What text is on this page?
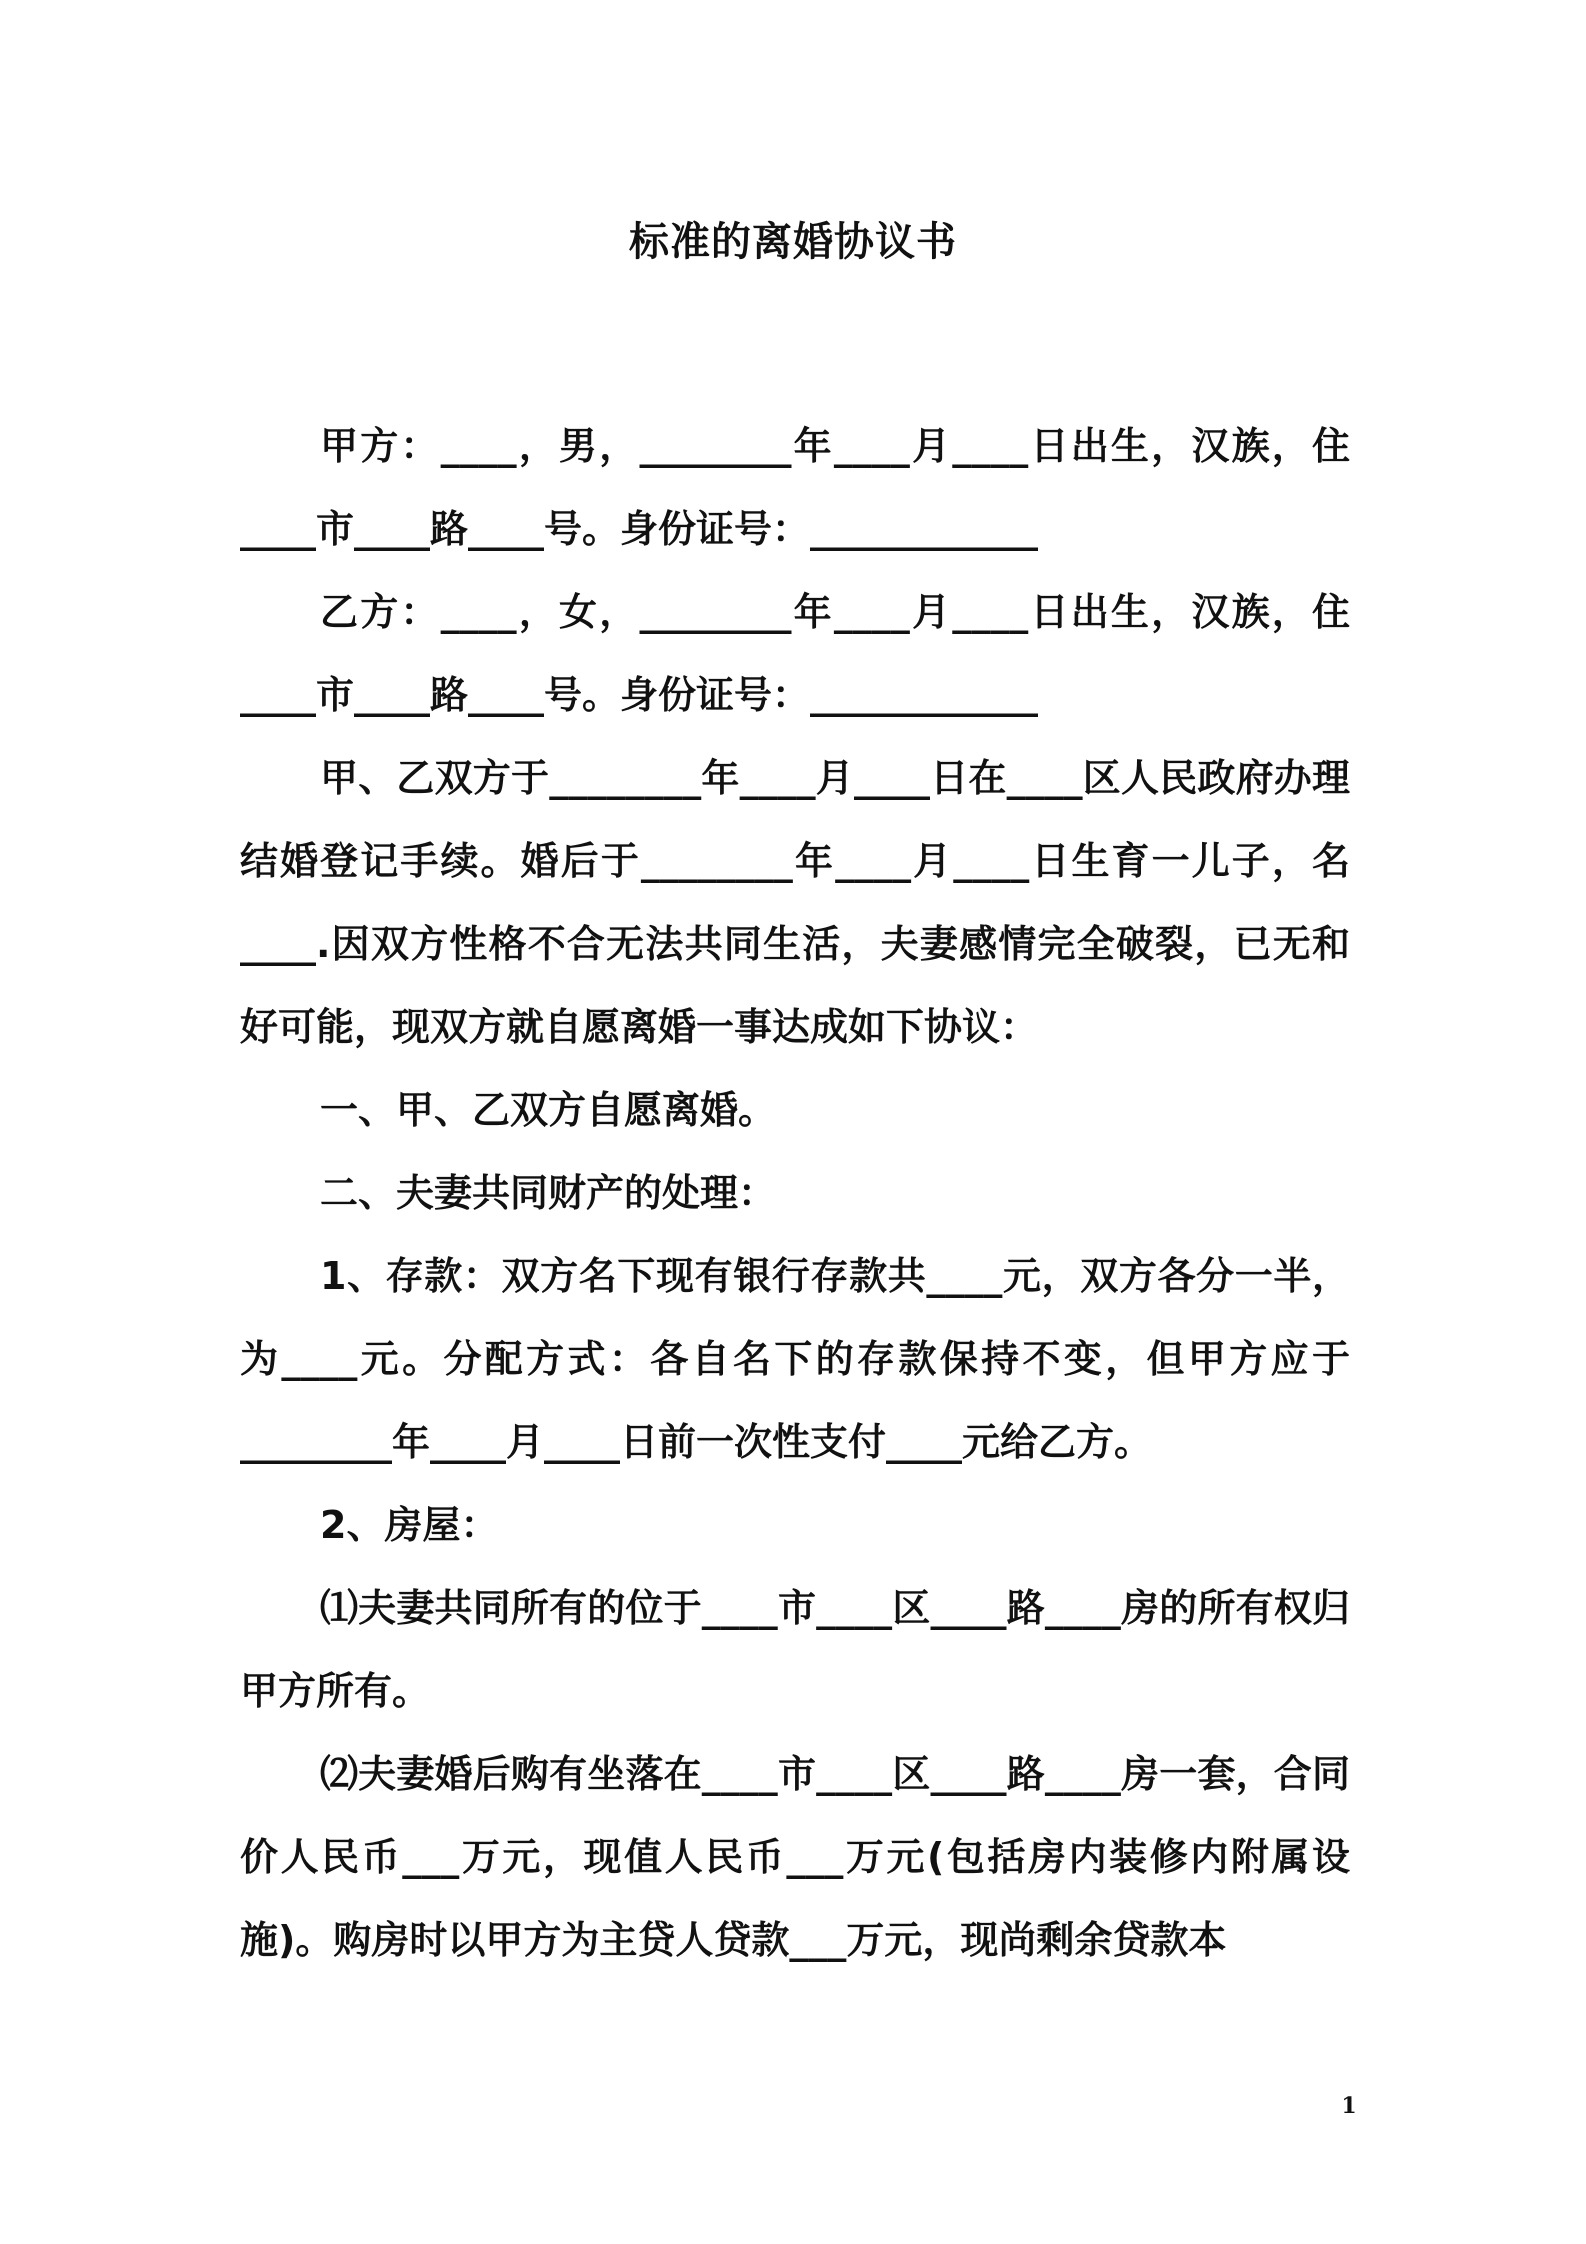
标准的离婚协议书

甲方：____，男，________年____月____日出生，汉族，住____市____路____号。身份证号：____________

乙方：____，女，________年____月____日出生，汉族，住____市____路____号。身份证号：____________

甲、乙双方于________年____月____日在____区人民政府办理结婚登记手续。婚后于________年____月____日生育一儿子，名____.因双方性格不合无法共同生活，夫妻感情完全破裂，已无和好可能，现双方就自愿离婚一事达成如下协议：

一、甲、乙双方自愿离婚。

二、夫妻共同财产的处理：

1、存款：双方名下现有银行存款共____元，双方各分一半，为____元。分配方式：各自名下的存款保持不变，但甲方应于________年____月____日前一次性支付____元给乙方。

2、房屋：

⑴夫妻共同所有的位于____市____区____路____房的所有权归甲方所有。

⑵夫妻婚后购有坐落在____市____区____路____房一套，合同价人民币___万元，现值人民币___万元(包括房内装修内附属设施)。购房时以甲方为主贷人贷款___万元，现尚剩余贷款本

1
